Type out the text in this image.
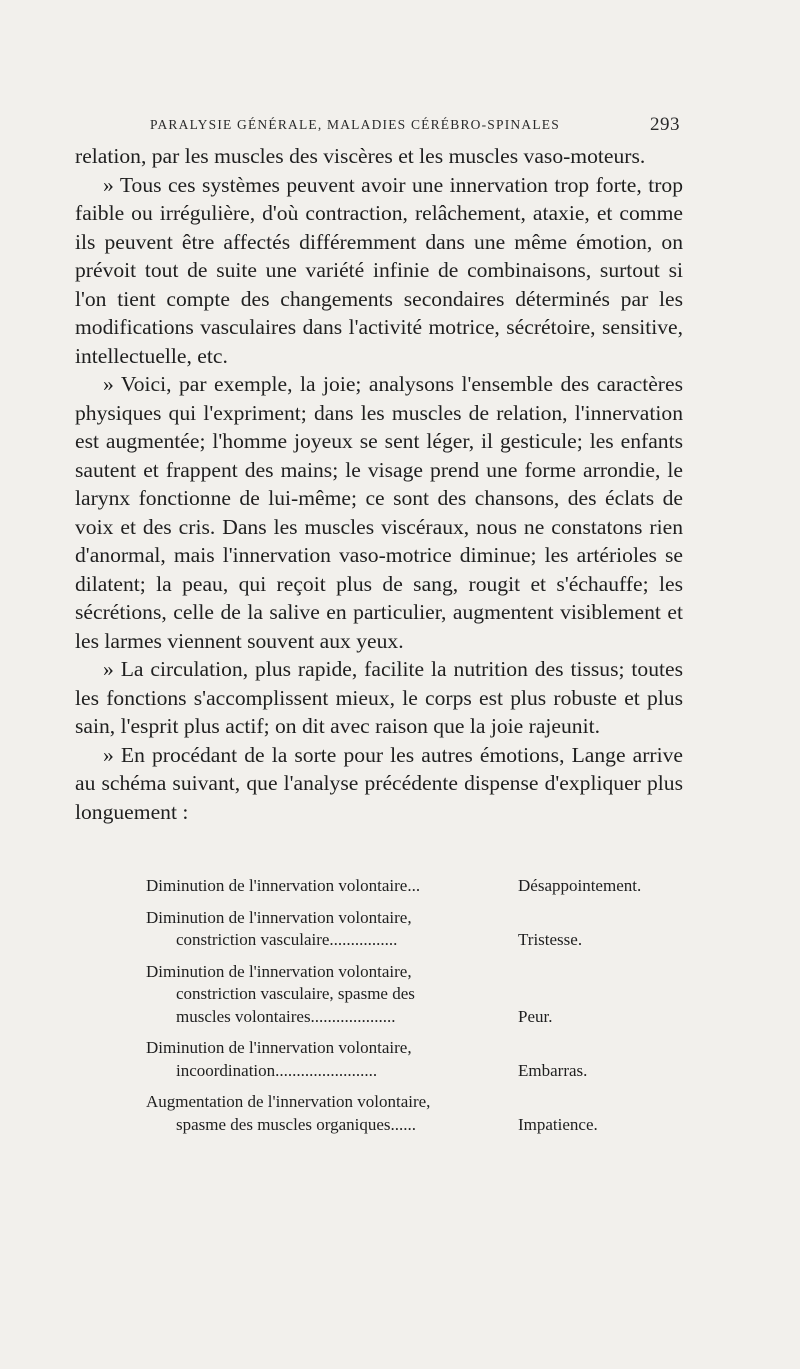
PARALYSIE GÉNÉRALE, MALADIES CÉRÉBRO-SPINALES	293

relation, par les muscles des viscères et les muscles vaso-moteurs.

» Tous ces systèmes peuvent avoir une innervation trop forte, trop faible ou irrégulière, d'où contraction, relâchement, ataxie, et comme ils peuvent être affectés différemment dans une même émotion, on prévoit tout de suite une variété infinie de combinaisons, surtout si l'on tient compte des changements secondaires déterminés par les modifications vasculaires dans l'activité motrice, sécrétoire, sensitive, intellectuelle, etc.

» Voici, par exemple, la joie; analysons l'ensemble des caractères physiques qui l'expriment; dans les muscles de relation, l'innervation est augmentée; l'homme joyeux se sent léger, il gesticule; les enfants sautent et frappent des mains; le visage prend une forme arrondie, le larynx fonctionne de lui-même; ce sont des chansons, des éclats de voix et des cris. Dans les muscles viscéraux, nous ne constatons rien d'anormal, mais l'innervation vaso-motrice diminue; les artérioles se dilatent; la peau, qui reçoit plus de sang, rougit et s'échauffe; les sécrétions, celle de la salive en particulier, augmentent visiblement et les larmes viennent souvent aux yeux.

» La circulation, plus rapide, facilite la nutrition des tissus; toutes les fonctions s'accomplissent mieux, le corps est plus robuste et plus sain, l'esprit plus actif; on dit avec raison que la joie rajeunit.

» En procédant de la sorte pour les autres émotions, Lange arrive au schéma suivant, que l'analyse précédente dispense d'expliquer plus longuement :

Diminution de l'innervation volontaire...	Désappointement.
Diminution de l'innervation volontaire,
constriction vasculaire................	Tristesse.
Diminution de l'innervation volontaire,
constriction vasculaire, spasme des
muscles volontaires....................	Peur.
Diminution de l'innervation volontaire,
incoordination........................	Embarras.
Augmentation de l'innervation volontaire,
spasme des muscles organiques......	Impatience.
